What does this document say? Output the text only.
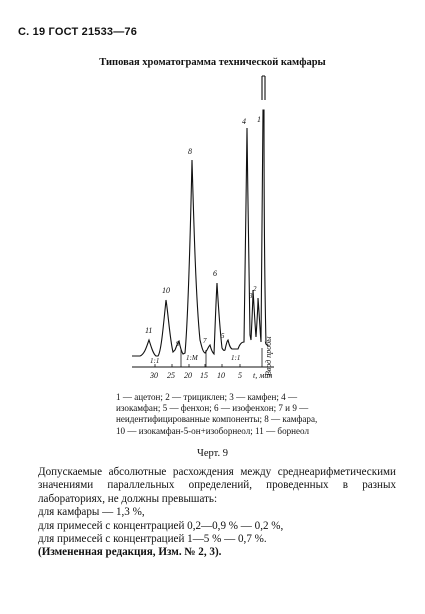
С. 19 ГОСТ 21533—76
Типовая хроматограмма технической камфары
11
10
9
8
7
6
5
4
3
2
1
1:1	1:М	1:1
30 25 20 15 10 5 t, мин
Ввод пробы
1 — ацетон; 2 — трициклен; 3 — камфен; 4 — изокамфан; 5 — фенхон; 6 — изофенхон; 7 и 9 — неидентифицированные компоненты; 8 — камфара, 10 — изокамфан-5-он+изоборнеол; 11 — борнеол
Черт. 9
Допускаемые абсолютные расхождения между среднеарифметическими значениями параллельных определений, проведенных в разных лабораториях, не должны превышать:
для камфары — 1,3 %,
для примесей с концентрацией 0,2—0,9 % — 0,2 %,
для примесей с концентрацией 1—5 % — 0,7 %.
(Измененная редакция, Изм. № 2, 3).
